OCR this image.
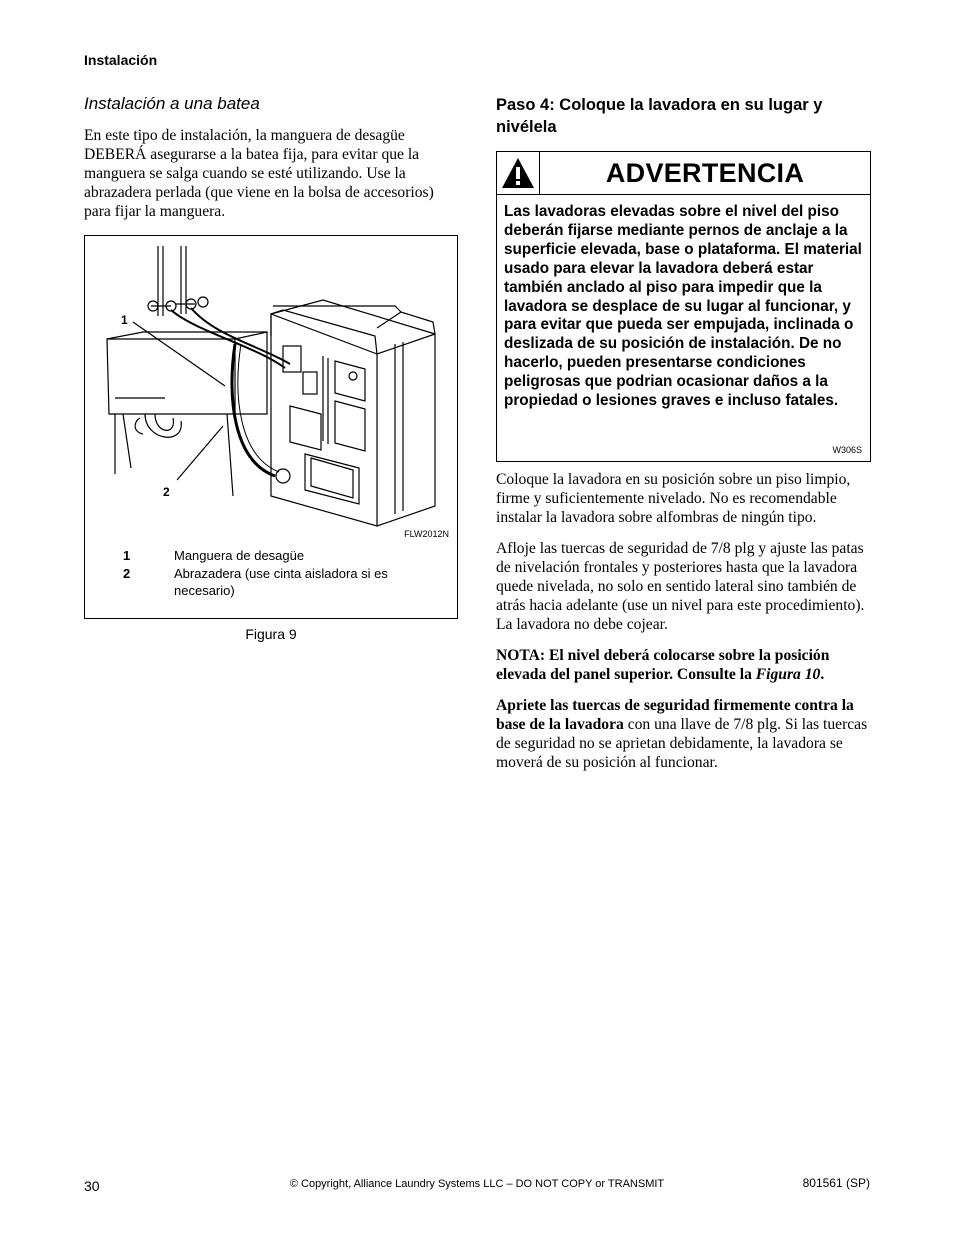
Instalación
Instalación a una batea

En este tipo de instalación, la manguera de desagüe DEBERÁ asegurarse a la batea fija, para evitar que la manguera se salga cuando se esté utilizando. Use la abrazadera perlada (que viene en la bolsa de accesorios) para fijar la manguera.

1
2
FLW2012N
1	Manguera de desagüe
2	Abrazadera (use cinta aisladora si es necesario)
Figura 9
Paso 4: Coloque la lavadora en su lugar y nivélela
ADVERTENCIA
Las lavadoras elevadas sobre el nivel del piso deberán fijarse mediante pernos de anclaje a la superficie elevada, base o plataforma. El material usado para elevar la lavadora deberá estar también anclado al piso para impedir que la lavadora se desplace de su lugar al funcionar, y para evitar que pueda ser empujada, inclinada o deslizada de su posición de instalación. De no hacerlo, pueden presentarse condiciones peligrosas que podrian ocasionar daños a la propiedad o lesiones graves e incluso fatales.
W306S

Coloque la lavadora en su posición sobre un piso limpio, firme y suficientemente nivelado. No es recomendable instalar la lavadora sobre alfombras de ningún tipo.

Afloje las tuercas de seguridad de 7/8 plg y ajuste las patas de nivelación frontales y posteriores hasta que la lavadora quede nivelada, no solo en sentido lateral sino también de atrás hacia adelante (use un nivel para este procedimiento). La lavadora no debe cojear.

NOTA: El nivel deberá colocarse sobre la posición elevada del panel superior. Consulte la Figura 10.

Apriete las tuercas de seguridad firmemente contra la base de la lavadora con una llave de 7/8 plg. Si las tuercas de seguridad no se aprietan debidamente, la lavadora se moverá de su posición al funcionar.

30	© Copyright, Alliance Laundry Systems LLC – DO NOT COPY or TRANSMIT	801561 (SP)
